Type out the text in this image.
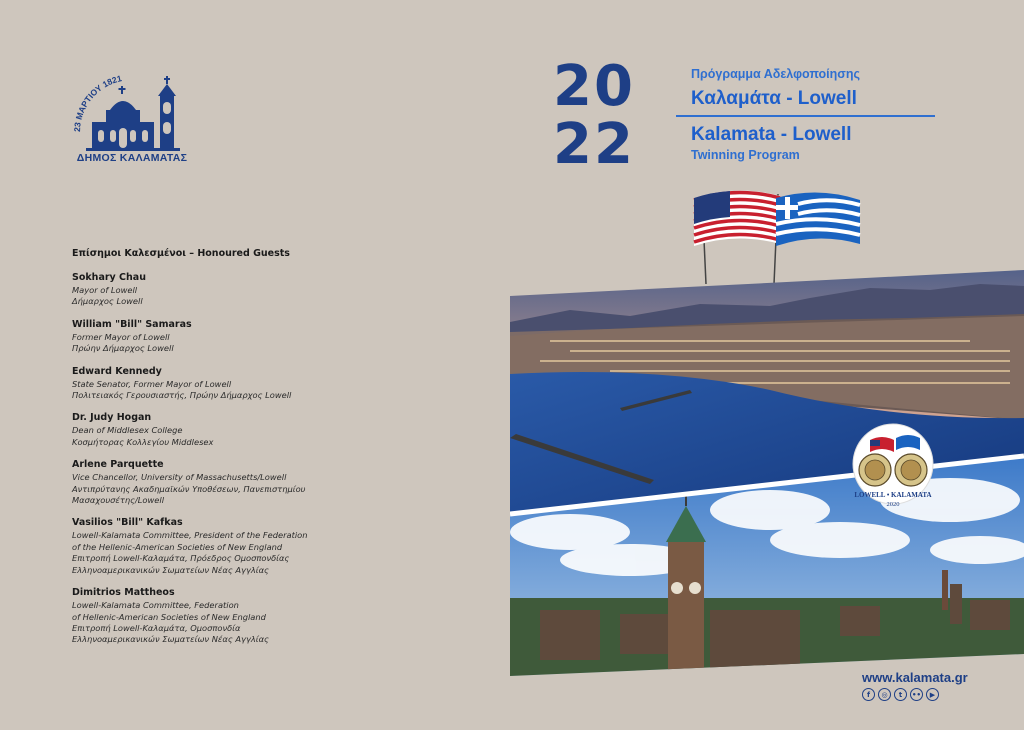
23 ΜΑΡΤΙΟΥ 1821
ΔΗΜΟΣ ΚΑΛΑΜΑΤΑΣ
20
22
Πρόγραμμα Αδελφοποίησης
Καλαμάτα - Lowell
Kalamata - Lowell
Twinning Program
LOWELL • KALAMATA
2020
Επίσημοι Καλεσμένοι – Honoured Guests
Sokhary Chau
Mayor of Lowell
Δήμαρχος Lowell
William "Bill" Samaras
Former Mayor of Lowell
Πρώην Δήμαρχος Lowell
Edward Kennedy
State Senator, Former Mayor of Lowell
Πολιτειακός Γερουσιαστής, Πρώην Δήμαρχος Lowell
Dr. Judy Hogan
Dean of Middlesex College
Κοσμήτορας Κολλεγίου Middlesex
Arlene Parquette
Vice Chancellor, University of Massachusetts/Lowell
Αντιπρύτανης Ακαδημαϊκών Υποθέσεων, Πανεπιστημίου
Μασαχουσέτης/Lowell
Vasilios "Bill" Kafkas
Lowell-Kalamata Committee, President of the Federation
of the Hellenic-American Societies of New England
Επιτροπή Lowell-Καλαμάτα, Πρόεδρος Ομοσπονδίας
Ελληνοαμερικανικών Σωματείων Νέας Αγγλίας
Dimitrios Mattheos
Lowell-Kalamata Committee, Federation
of Hellenic-American Societies of New England
Επιτροπή Lowell-Καλαμάτα, Ομοσπονδία
Ελληνοαμερικανικών Σωματείων Νέας Αγγλίας
www.kalamata.gr
f	◎	t	••	▶
